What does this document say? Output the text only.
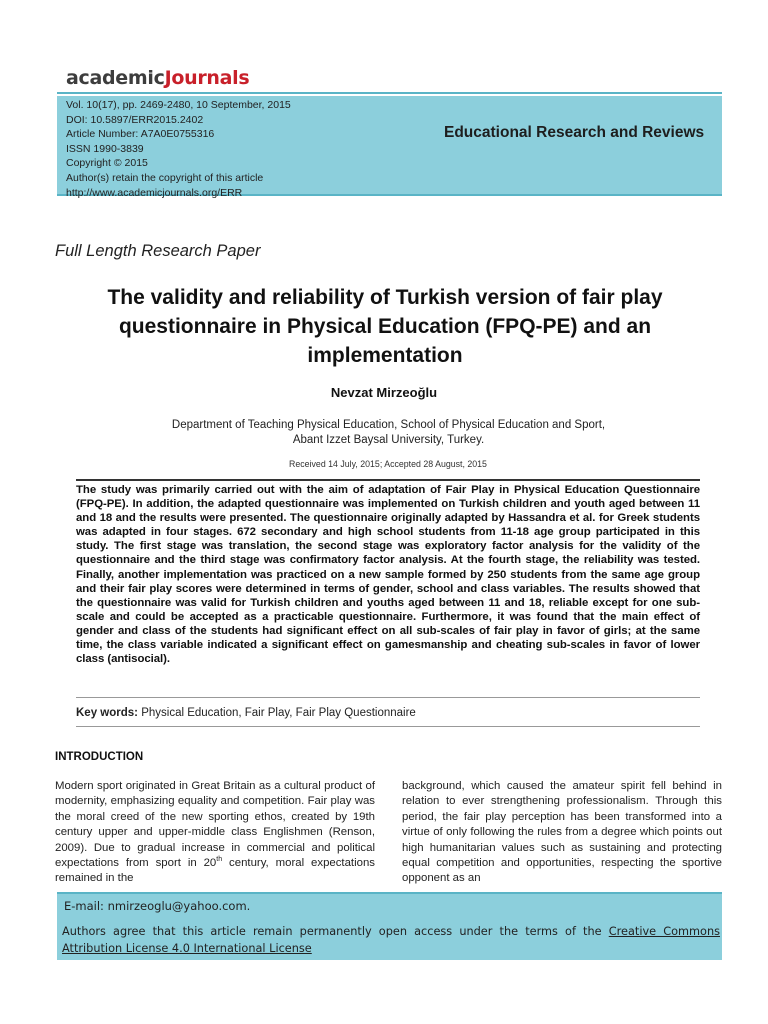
academicJournals
Vol. 10(17), pp. 2469-2480, 10 September, 2015
DOI: 10.5897/ERR2015.2402
Article Number: A7A0E0755316
ISSN 1990-3839
Copyright © 2015
Author(s) retain the copyright of this article
http://www.academicjournals.org/ERR
Educational Research and Reviews
Full Length Research Paper
The validity and reliability of Turkish version of fair play questionnaire in Physical Education (FPQ-PE) and an implementation
Nevzat Mirzeoğlu
Department of Teaching Physical Education, School of Physical Education and Sport,
Abant Izzet Baysal University, Turkey.
Received 14 July, 2015; Accepted 28 August, 2015
The study was primarily carried out with the aim of adaptation of Fair Play in Physical Education Questionnaire (FPQ-PE). In addition, the adapted questionnaire was implemented on Turkish children and youth aged between 11 and 18 and the results were presented. The questionnaire originally adapted by Hassandra et al. for Greek students was adapted in four stages. 672 secondary and high school students from 11-18 age group participated in this study. The first stage was translation, the second stage was exploratory factor analysis for the validity of the questionnaire and the third stage was confirmatory factor analysis. At the fourth stage, the reliability was tested. Finally, another implementation was practiced on a new sample formed by 250 students from the same age group and their fair play scores were determined in terms of gender, school and class variables. The results showed that the questionnaire was valid for Turkish children and youths aged between 11 and 18, reliable except for one sub-scale and could be accepted as a practicable questionnaire. Furthermore, it was found that the main effect of gender and class of the students had significant effect on all sub-scales of fair play in favor of girls; at the same time, the class variable indicated a significant effect on gamesmanship and cheating sub-scales in favor of lower class (antisocial).
Key words: Physical Education, Fair Play, Fair Play Questionnaire
INTRODUCTION
Modern sport originated in Great Britain as a cultural product of modernity, emphasizing equality and competition. Fair play was the moral creed of the new sporting ethos, created by 19th century upper and upper-middle class Englishmen (Renson, 2009). Due to gradual increase in commercial and political expectations from sport in 20th century, moral expectations remained in the
background, which caused the amateur spirit fell behind in relation to ever strengthening professionalism. Through this period, the fair play perception has been transformed into a virtue of only following the rules from a degree which points out high humanitarian values such as sustaining and protecting equal competition and opportunities, respecting the sportive opponent as an
E-mail: nmirzeoglu@yahoo.com.
Authors agree that this article remain permanently open access under the terms of the Creative Commons Attribution License 4.0 International License
